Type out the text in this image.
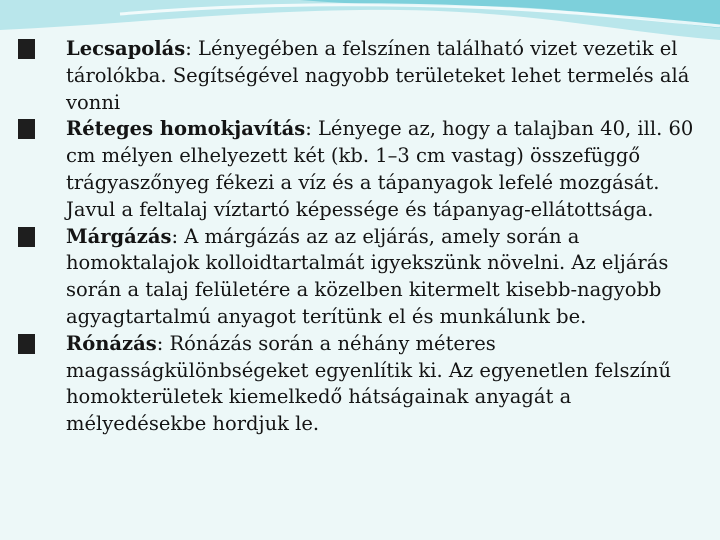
Lecsapolás: Lényegében a felszínen található vizet vezetik el tárolókba. Segítségével nagyobb területeket lehet termelés alá vonni
Réteges homokjavítás: Lényege az, hogy a talajban 40, ill. 60 cm mélyen elhelyezett két (kb. 1–3 cm vastag) összefüggő trágyaszőnyeg fékezi a víz és a tápanyagok lefelé mozgását. Javul a feltalaj víztartó képessége és tápanyag-ellátottsága.
Márgázás: A márgázás az az eljárás, amely során a homoktalajok kolloidtartalmát igyekszünk növelni. Az eljárás során a talaj felületére a közelben kitermelt kisebb-nagyobb agyagtartalmú anyagot terítünk el és munkálunk be.
Rónázás: Rónázás során a néhány méteres magasságkülönbségeket egyenlítik ki. Az egyenetlen felszínű homokterületek kiemelkedő hátságainak anyagát a mélyedésekbe hordjuk le.
